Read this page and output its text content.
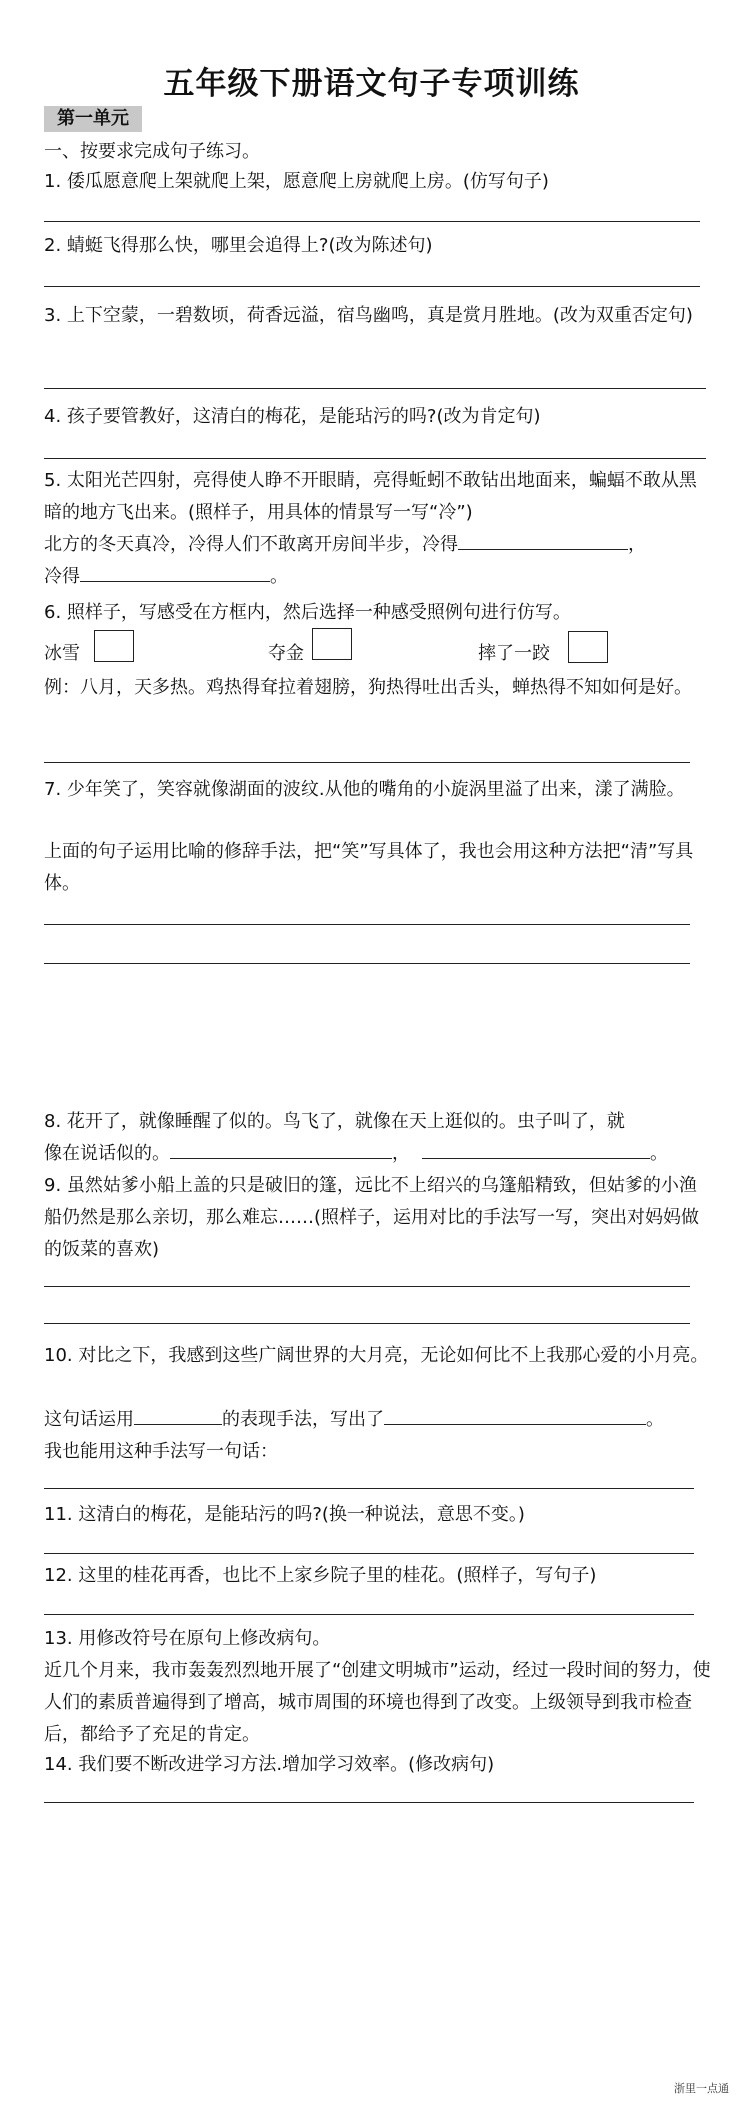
五年级下册语文句子专项训练
第一单元
一、按要求完成句子练习。
1. 倭瓜愿意爬上架就爬上架，愿意爬上房就爬上房。(仿写句子)
2. 蜻蜓飞得那么快，哪里会追得上?(改为陈述句)
3. 上下空蒙，一碧数顷，荷香远溢，宿鸟幽鸣，真是赏月胜地。(改为双重否定句)
4. 孩子要管教好，这清白的梅花，是能玷污的吗?(改为肯定句)
5. 太阳光芒四射，亮得使人睁不开眼睛，亮得蚯蚓不敢钻出地面来，蝙蝠不敢从黑暗的地方飞出来。(照样子，用具体的情景写一写“冷”)
北方的冬天真冷，冷得人们不敢离开房间半步，冷得	，
冷得	。
6. 照样子，写感受在方框内，然后选择一种感受照例句进行仿写。
冰雪	夺金	摔了一跤
例：八月，天多热。鸡热得耷拉着翅膀，狗热得吐出舌头，蝉热得不知如何是好。
7. 少年笑了，笑容就像湖面的波纹.从他的嘴角的小旋涡里溢了出来，漾了满脸。
上面的句子运用比喻的修辞手法，把“笑”写具体了，我也会用这种方法把“清”写具体。
8. 花开了，就像睡醒了似的。鸟飞了，就像在天上逛似的。虫子叫了，就
像在说话似的。	，	。
9. 虽然姑爹小船上盖的只是破旧的篷，远比不上绍兴的乌篷船精致，但姑爹的小渔船仍然是那么亲切，那么难忘……(照样子，运用对比的手法写一写，突出对妈妈做的饭菜的喜欢)
10. 对比之下，我感到这些广阔世界的大月亮，无论如何比不上我那心爱的小月亮。
这句话运用	的表现手法，写出了	。
我也能用这种手法写一句话：
11. 这清白的梅花，是能玷污的吗?(换一种说法，意思不变。)
12. 这里的桂花再香，也比不上家乡院子里的桂花。(照样子，写句子)
13. 用修改符号在原句上修改病句。
近几个月来，我市轰轰烈烈地开展了“创建文明城市”运动，经过一段时间的努力，使人们的素质普遍得到了增高，城市周围的环境也得到了改变。上级领导到我市检查后，都给予了充足的肯定。
14. 我们要不断改进学习方法.增加学习效率。(修改病句)
浙里一点通
